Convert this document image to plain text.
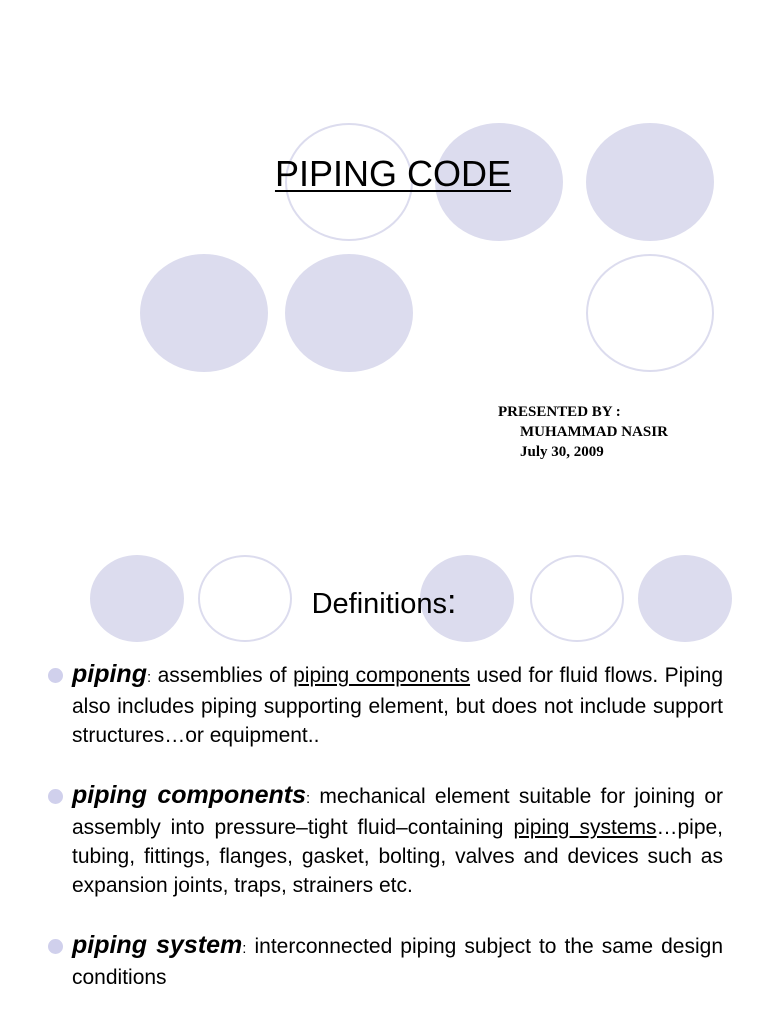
PIPING CODE
PRESENTED BY :
MUHAMMAD NASIR
July 30, 2009
Definitions:
piping: assemblies of piping components used for fluid flows. Piping also includes piping supporting element, but does not include support structures…or equipment..
piping components: mechanical element suitable for joining or assembly into pressure–tight fluid–containing piping systems…pipe, tubing, fittings, flanges, gasket, bolting, valves and devices such as expansion joints, traps, strainers etc.
piping system: interconnected piping subject to the same design conditions
